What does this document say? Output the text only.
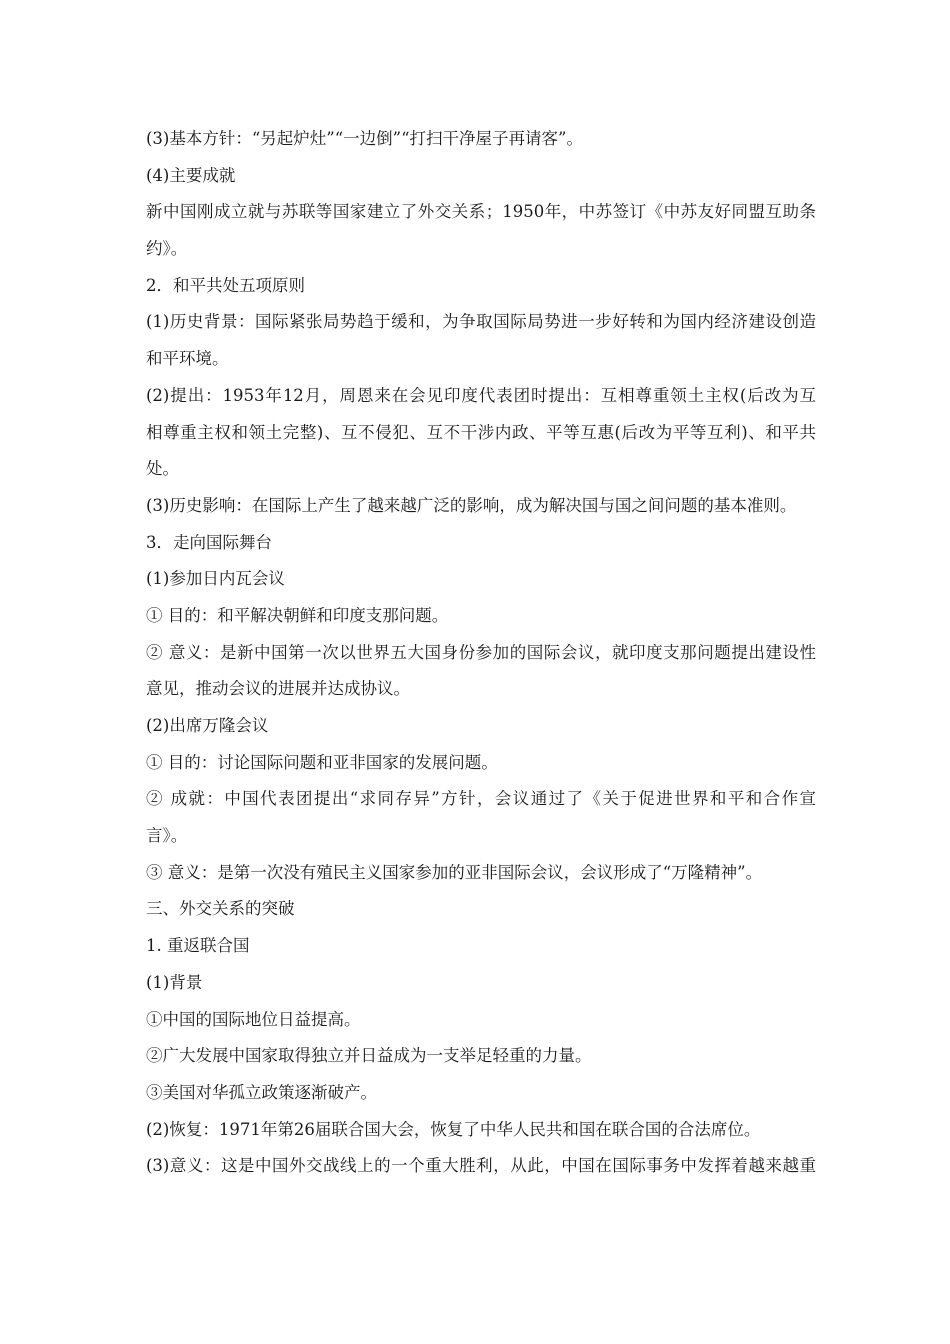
(3)基本方针：“另起炉灶”“一边倒”“打扫干净屋子再请客”。
(4)主要成就
新中国刚成立就与苏联等国家建立了外交关系；1950年，中苏签订《中苏友好同盟互助条
约》。
2．和平共处五项原则
(1)历史背景：国际紧张局势趋于缓和，为争取国际局势进一步好转和为国内经济建设创造
和平环境。
(2)提出：1953年12月，周恩来在会见印度代表团时提出：互相尊重领土主权(后改为互
相尊重主权和领土完整)、互不侵犯、互不干涉内政、平等互惠(后改为平等互利)、和平共
处。
(3)历史影响：在国际上产生了越来越广泛的影响，成为解决国与国之间问题的基本准则。
3．走向国际舞台
(1)参加日内瓦会议
① 目的：和平解决朝鲜和印度支那问题。
② 意义：是新中国第一次以世界五大国身份参加的国际会议，就印度支那问题提出建设性
意见，推动会议的进展并达成协议。
(2)出席万隆会议
① 目的：讨论国际问题和亚非国家的发展问题。
② 成就：中国代表团提出“求同存异”方针，会议通过了《关于促进世界和平和合作宣
言》。
③ 意义：是第一次没有殖民主义国家参加的亚非国际会议，会议形成了“万隆精神”。
三、外交关系的突破
1. 重返联合国
(1)背景
①中国的国际地位日益提高。
②广大发展中国家取得独立并日益成为一支举足轻重的力量。
③美国对华孤立政策逐渐破产。
(2)恢复：1971年第26届联合国大会，恢复了中华人民共和国在联合国的合法席位。
(3)意义：这是中国外交战线上的一个重大胜利，从此，中国在国际事务中发挥着越来越重
